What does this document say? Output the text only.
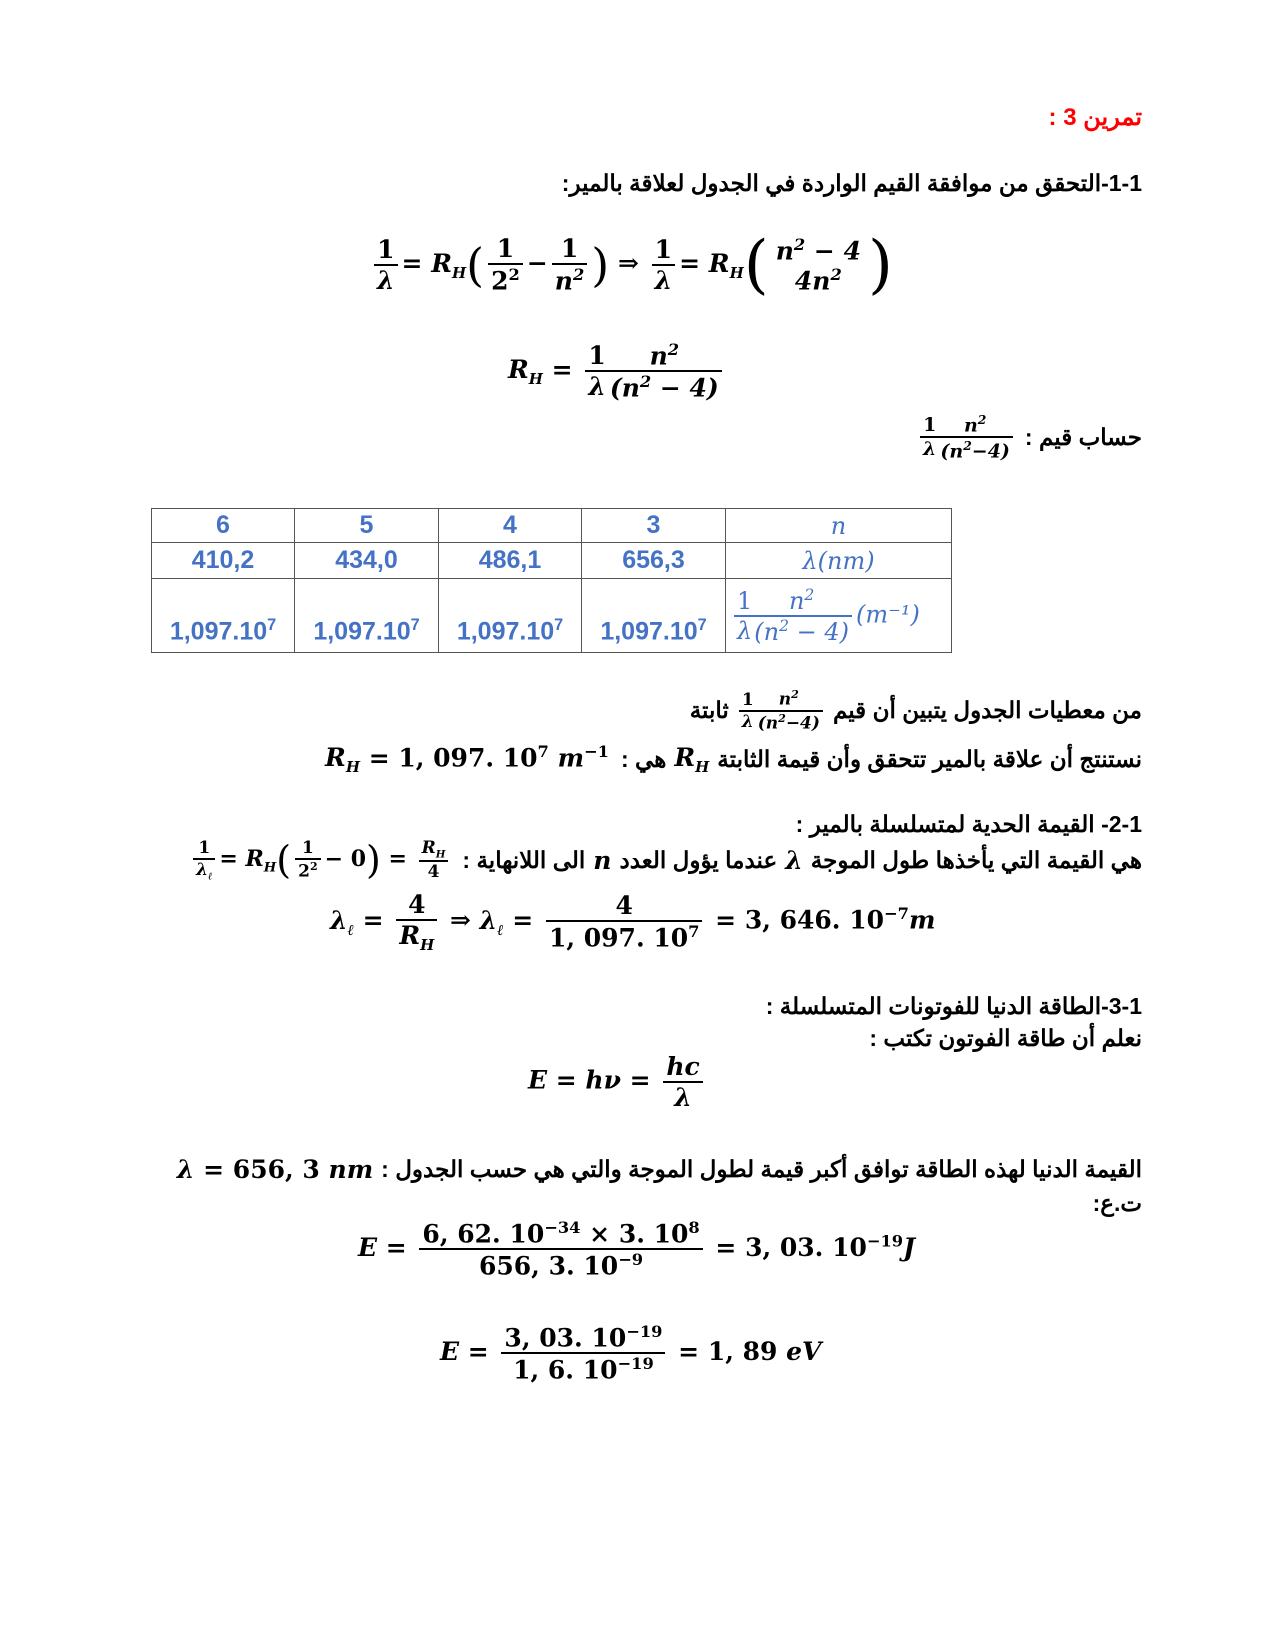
تمرين 3 :
1-1-التحقق من موافقة القيم الواردة في الجدول لعلاقة بالمير:
$\frac{1}{\lambda} = R_H( \frac{1}{2^2} - \frac{1}{n^2}$ ) ⇒ $\frac{1}{\lambda} = R_H$( $n^2 - 4$
$4n^2$ )
$R_H = \frac{1}{\lambda}$
$\frac{n^2}{(n^2 - 4)}$
حساب قيم :
$\frac{1}{\lambda}$
$\frac{n^2}{(n^2-4)}$
6	5	4	3	n
410,2	434,0	486,1	656,3	λ(nm)
1,097.10$^7$	1,097.10$^7$	1,097.10$^7$	1,097.10$^7$	$\frac{1}{\lambda}$
$\frac{n^2}{(n^2 - 4)} (m^{-1})$
من معطيات الجدول يتبين أن قيم
$\frac{1}{\lambda}$
$\frac{n^2}{(n^2-4)}$
ثابتة
نستنتج أن علاقة بالمير تتحقق وأن قيمة الثابتة
$R_H$
هي :
$R_H = 1$, 097. $10^7$ $m^{-1}$
2-1- القيمة الحدية لمتسلسلة بالمير :
هي القيمة التي يأخذها طول الموجة
λ
عندما يؤول العدد
n
الى اللانهاية :
$\frac{1}{\lambda_\ell} = R_H( \frac{1}{2^2} - 0) = \frac{R_H}{4}$
$\lambda_\ell = \frac{4}{R_H}$ ⇒ $\lambda_\ell = \frac{4}{1, 097. 10^7} = 3$, 646. $10^{-7}m$
3-1-الطاقة الدنيا للفوتونات المتسلسلة :
نعلم أن طاقة الفوتون تكتب :
$E = h\nu = \frac{hc}{\lambda}$
القيمة الدنيا لهذه الطاقة توافق أكبر قيمة لطول الموجة والتي هي حسب الجدول :
λ = 656, 3 nm
ت.ع:
$E = \frac{6, 62. 10^{-34} \times 3. 10^8}{656, 3. 10^{-9}} = 3$, 03. $10^{-19}J$
$E = \frac{3, 03. 10^{-19}}{1, 6. 10^{-19}} = 1$, 89 eV
